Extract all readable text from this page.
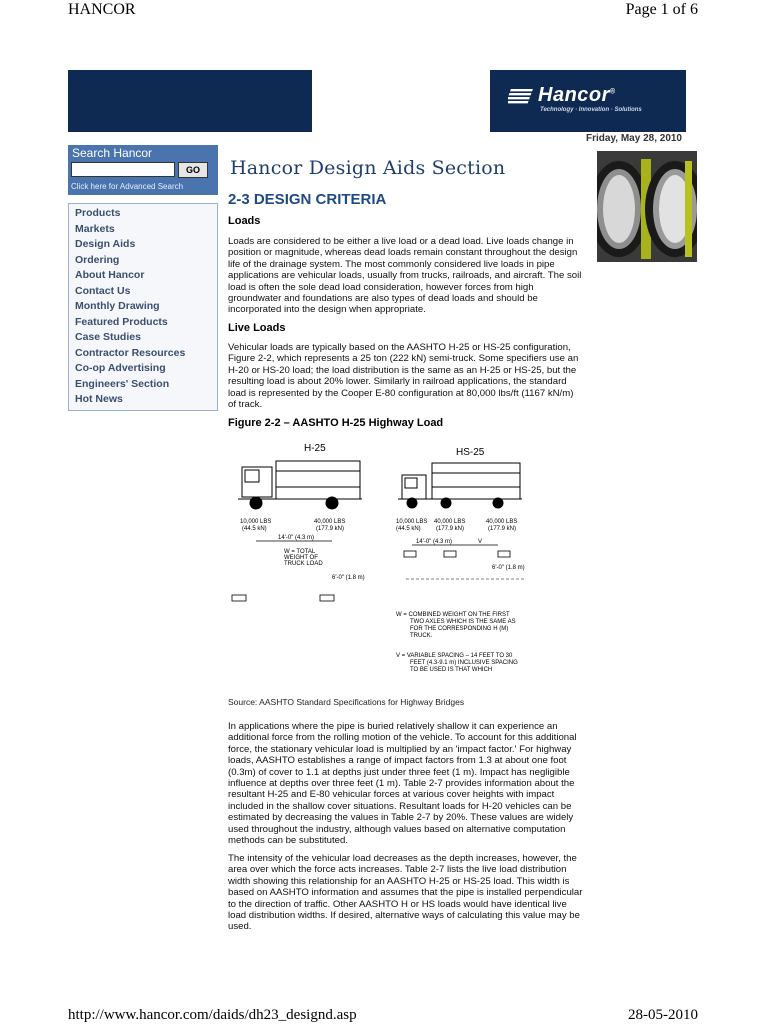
HANCOR	Page 1 of 6
http://www.hancor.com/daids/dh23_designd.asp	28-05-2010
Hancor®
Technology · Innovation · Solutions
Friday, May 28, 2010
Search Hancor
GO
Click here for Advanced Search
Products
Markets
Design Aids
Ordering
About Hancor
Contact Us
Monthly Drawing
Featured Products
Case Studies
Contractor Resources
Co-op Advertising
Engineers' Section
Hot News
Hancor Design Aids Section
2-3 DESIGN CRITERIA
Loads
Loads are considered to be either a live load or a dead load. Live loads change in position or magnitude, whereas dead loads remain constant throughout the design life of the drainage system. The most commonly considered live loads in pipe applications are vehicular loads, usually from trucks, railroads, and aircraft. The soil load is often the sole dead load consideration, however forces from high groundwater and foundations are also types of dead loads and should be incorporated into the design when appropriate.
Live Loads
Vehicular loads are typically based on the AASHTO H-25 or HS-25 configuration, Figure 2-2, which represents a 25 ton (222 kN) semi-truck. Some specifiers use an H-20 or HS-20 load; the load distribution is the same as an H-25 or HS-25, but the resulting load is about 20% lower. Similarly in railroad applications, the standard load is represented by the Cooper E-80 configuration at 80,000 lbs/ft (1167 kN/m) of track.
Figure 2-2 – AASHTO H-25 Highway Load
H-25
10,000 LBS
(44.5 kN)
40,000 LBS
(177.9 kN)
14'-0" (4.3 m)
W = TOTAL
WEIGHT OF
TRUCK LOAD
6'-0" (1.8 m)
HS-25
10,000 LBS
(44.5 kN)
40,000 LBS
(177.9 kN)
40,000 LBS
(177.9 kN)
14'-0" (4.3 m)	V
6'-0" (1.8 m)
W = COMBINED WEIGHT ON THE FIRST
TWO AXLES WHICH IS THE SAME AS
FOR THE CORRESPONDING H (M)
TRUCK.
V = VARIABLE SPACING – 14 FEET TO 30
FEET (4.3-9.1 m) INCLUSIVE SPACING
TO BE USED IS THAT WHICH
Source: AASHTO Standard Specifications for Highway Bridges
In applications where the pipe is buried relatively shallow it can experience an additional force from the rolling motion of the vehicle. To account for this additional force, the stationary vehicular load is multiplied by an 'impact factor.' For highway loads, AASHTO establishes a range of impact factors from 1.3 at about one foot (0.3m) of cover to 1.1 at depths just under three feet (1 m). Impact has negligible influence at depths over three feet (1 m). Table 2-7 provides information about the resultant H-25 and E-80 vehicular forces at various cover heights with impact included in the shallow cover situations. Resultant loads for H-20 vehicles can be estimated by decreasing the values in Table 2-7 by 20%. These values are widely used throughout the industry, although values based on alternative computation methods can be substituted.
The intensity of the vehicular load decreases as the depth increases, however, the area over which the force acts increases. Table 2-7 lists the live load distribution width showing this relationship for an AASHTO H-25 or HS-25 load. This width is based on AASHTO information and assumes that the pipe is installed perpendicular to the direction of traffic. Other AASHTO H or HS loads would have identical live load distribution widths. If desired, alternative ways of calculating this value may be used.
